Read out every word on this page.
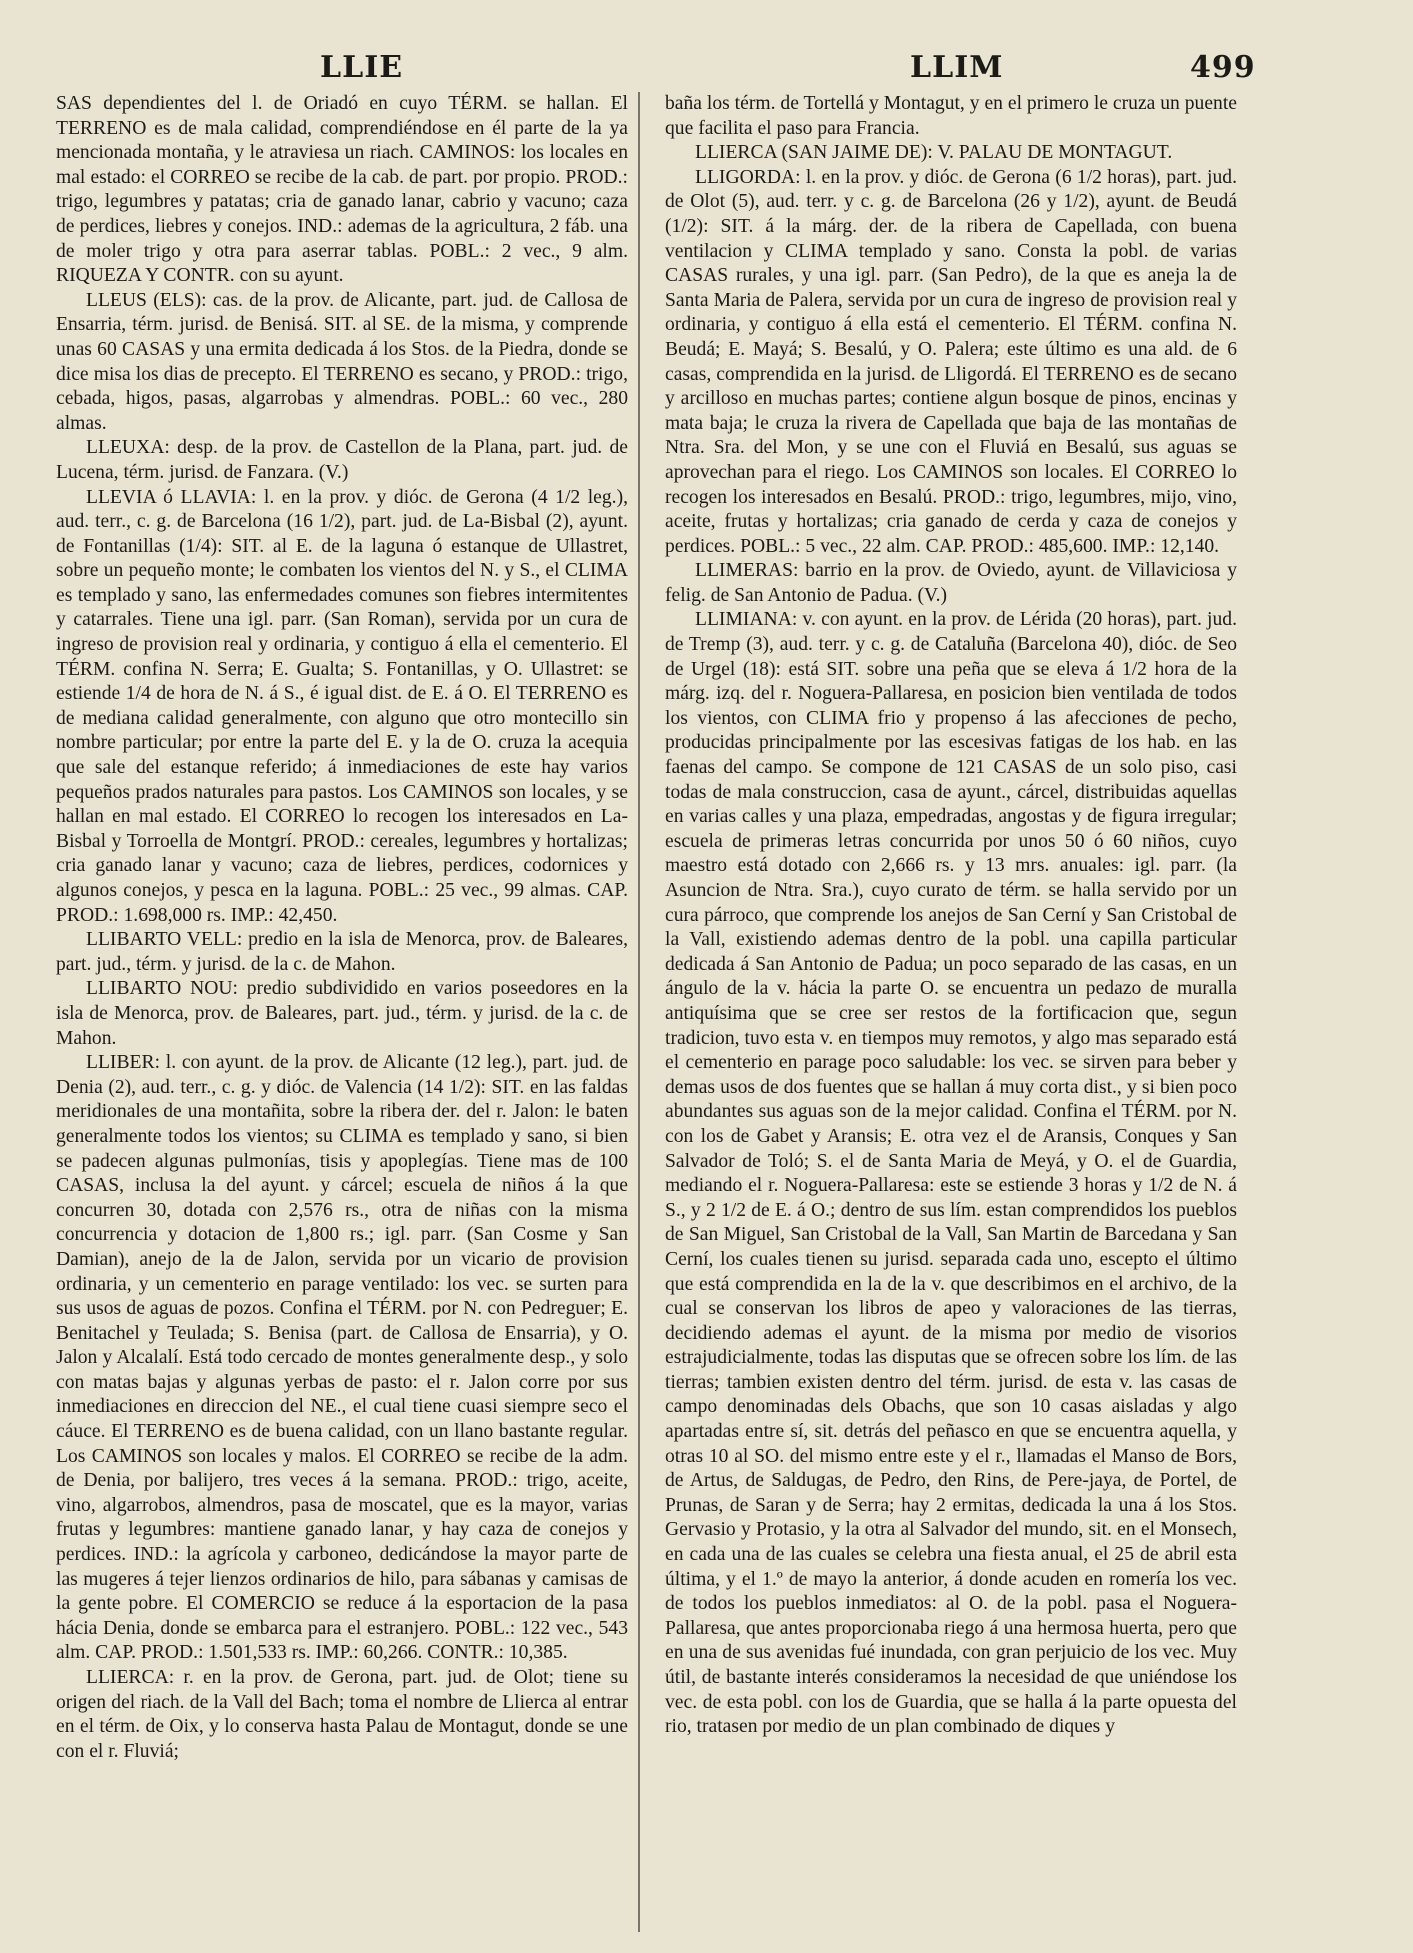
LLIE	LLIM	499

SAS dependientes del l. de Oriadó en cuyo TÉRM. se hallan. El TERRENO es de mala calidad, comprendiéndose en él parte de la ya mencionada montaña, y le atraviesa un riach. CAMINOS: los locales en mal estado: el CORREO se recibe de la cab. de part. por propio. PROD.: trigo, legumbres y patatas; cria de ganado lanar, cabrio y vacuno; caza de perdices, liebres y conejos. IND.: ademas de la agricultura, 2 fáb. una de moler trigo y otra para aserrar tablas. POBL.: 2 vec., 9 alm. RIQUEZA Y CONTR. con su ayunt.

LLEUS (ELS): cas. de la prov. de Alicante, part. jud. de Callosa de Ensarria, térm. jurisd. de Benisá. SIT. al SE. de la misma, y comprende unas 60 CASAS y una ermita dedicada á los Stos. de la Piedra, donde se dice misa los dias de precepto. El TERRENO es secano, y PROD.: trigo, cebada, higos, pasas, algarrobas y almendras. POBL.: 60 vec., 280 almas.

LLEUXA: desp. de la prov. de Castellon de la Plana, part. jud. de Lucena, térm. jurisd. de Fanzara. (V.)

LLEVIA ó LLAVIA: l. en la prov. y dióc. de Gerona (4 1/2 leg.), aud. terr., c. g. de Barcelona (16 1/2), part. jud. de La-Bisbal (2), ayunt. de Fontanillas (1/4): SIT. al E. de la laguna ó estanque de Ullastret, sobre un pequeño monte; le combaten los vientos del N. y S., el CLIMA es templado y sano, las enfermedades comunes son fiebres intermitentes y catarrales. Tiene una igl. parr. (San Roman), servida por un cura de ingreso de provision real y ordinaria, y contiguo á ella el cementerio. El TÉRM. confina N. Serra; E. Gualta; S. Fontanillas, y O. Ullastret: se estiende 1/4 de hora de N. á S., é igual dist. de E. á O. El TERRENO es de mediana calidad generalmente, con alguno que otro montecillo sin nombre particular; por entre la parte del E. y la de O. cruza la acequia que sale del estanque referido; á inmediaciones de este hay varios pequeños prados naturales para pastos. Los CAMINOS son locales, y se hallan en mal estado. El CORREO lo recogen los interesados en La-Bisbal y Torroella de Montgrí. PROD.: cereales, legumbres y hortalizas; cria ganado lanar y vacuno; caza de liebres, perdices, codornices y algunos conejos, y pesca en la laguna. POBL.: 25 vec., 99 almas. CAP. PROD.: 1.698,000 rs. IMP.: 42,450.

LLIBARTO VELL: predio en la isla de Menorca, prov. de Baleares, part. jud., térm. y jurisd. de la c. de Mahon.

LLIBARTO NOU: predio subdividido en varios poseedores en la isla de Menorca, prov. de Baleares, part. jud., térm. y jurisd. de la c. de Mahon.

LLIBER: l. con ayunt. de la prov. de Alicante (12 leg.), part. jud. de Denia (2), aud. terr., c. g. y dióc. de Valencia (14 1/2): SIT. en las faldas meridionales de una montañita, sobre la ribera der. del r. Jalon: le baten generalmente todos los vientos; su CLIMA es templado y sano, si bien se padecen algunas pulmonías, tisis y apoplegías. Tiene mas de 100 CASAS, inclusa la del ayunt. y cárcel; escuela de niños á la que concurren 30, dotada con 2,576 rs., otra de niñas con la misma concurrencia y dotacion de 1,800 rs.; igl. parr. (San Cosme y San Damian), anejo de la de Jalon, servida por un vicario de provision ordinaria, y un cementerio en parage ventilado: los vec. se surten para sus usos de aguas de pozos. Confina el TÉRM. por N. con Pedreguer; E. Benitachel y Teulada; S. Benisa (part. de Callosa de Ensarria), y O. Jalon y Alcalalí. Está todo cercado de montes generalmente desp., y solo con matas bajas y algunas yerbas de pasto: el r. Jalon corre por sus inmediaciones en direccion del NE., el cual tiene cuasi siempre seco el cáuce. El TERRENO es de buena calidad, con un llano bastante regular. Los CAMINOS son locales y malos. El CORREO se recibe de la adm. de Denia, por balijero, tres veces á la semana. PROD.: trigo, aceite, vino, algarrobos, almendros, pasa de moscatel, que es la mayor, varias frutas y legumbres: mantiene ganado lanar, y hay caza de conejos y perdices. IND.: la agrícola y carboneo, dedicándose la mayor parte de las mugeres á tejer lienzos ordinarios de hilo, para sábanas y camisas de la gente pobre. El COMERCIO se reduce á la esportacion de la pasa hácia Denia, donde se embarca para el estranjero. POBL.: 122 vec., 543 alm. CAP. PROD.: 1.501,533 rs. IMP.: 60,266. CONTR.: 10,385.

LLIERCA: r. en la prov. de Gerona, part. jud. de Olot; tiene su origen del riach. de la Vall del Bach; toma el nombre de Llierca al entrar en el térm. de Oix, y lo conserva hasta Palau de Montagut, donde se une con el r. Fluviá;

baña los térm. de Tortellá y Montagut, y en el primero le cruza un puente que facilita el paso para Francia.

LLIERCA (SAN JAIME DE): V. PALAU DE MONTAGUT.

LLIGORDA: l. en la prov. y dióc. de Gerona (6 1/2 horas), part. jud. de Olot (5), aud. terr. y c. g. de Barcelona (26 y 1/2), ayunt. de Beudá (1/2): SIT. á la márg. der. de la ribera de Capellada, con buena ventilacion y CLIMA templado y sano. Consta la pobl. de varias CASAS rurales, y una igl. parr. (San Pedro), de la que es aneja la de Santa Maria de Palera, servida por un cura de ingreso de provision real y ordinaria, y contiguo á ella está el cementerio. El TÉRM. confina N. Beudá; E. Mayá; S. Besalú, y O. Palera; este último es una ald. de 6 casas, comprendida en la jurisd. de Lligordá. El TERRENO es de secano y arcilloso en muchas partes; contiene algun bosque de pinos, encinas y mata baja; le cruza la rivera de Capellada que baja de las montañas de Ntra. Sra. del Mon, y se une con el Fluviá en Besalú, sus aguas se aprovechan para el riego. Los CAMINOS son locales. El CORREO lo recogen los interesados en Besalú. PROD.: trigo, legumbres, mijo, vino, aceite, frutas y hortalizas; cria ganado de cerda y caza de conejos y perdices. POBL.: 5 vec., 22 alm. CAP. PROD.: 485,600. IMP.: 12,140.

LLIMERAS: barrio en la prov. de Oviedo, ayunt. de Villaviciosa y felig. de San Antonio de Padua. (V.)

LLIMIANA: v. con ayunt. en la prov. de Lérida (20 horas), part. jud. de Tremp (3), aud. terr. y c. g. de Cataluña (Barcelona 40), dióc. de Seo de Urgel (18): está SIT. sobre una peña que se eleva á 1/2 hora de la márg. izq. del r. Noguera-Pallaresa, en posicion bien ventilada de todos los vientos, con CLIMA frio y propenso á las afecciones de pecho, producidas principalmente por las escesivas fatigas de los hab. en las faenas del campo. Se compone de 121 CASAS de un solo piso, casi todas de mala construccion, casa de ayunt., cárcel, distribuidas aquellas en varias calles y una plaza, empedradas, angostas y de figura irregular; escuela de primeras letras concurrida por unos 50 ó 60 niños, cuyo maestro está dotado con 2,666 rs. y 13 mrs. anuales: igl. parr. (la Asuncion de Ntra. Sra.), cuyo curato de térm. se halla servido por un cura párroco, que comprende los anejos de San Cerní y San Cristobal de la Vall, existiendo ademas dentro de la pobl. una capilla particular dedicada á San Antonio de Padua; un poco separado de las casas, en un ángulo de la v. hácia la parte O. se encuentra un pedazo de muralla antiquísima que se cree ser restos de la fortificacion que, segun tradicion, tuvo esta v. en tiempos muy remotos, y algo mas separado está el cementerio en parage poco saludable: los vec. se sirven para beber y demas usos de dos fuentes que se hallan á muy corta dist., y si bien poco abundantes sus aguas son de la mejor calidad. Confina el TÉRM. por N. con los de Gabet y Aransis; E. otra vez el de Aransis, Conques y San Salvador de Toló; S. el de Santa Maria de Meyá, y O. el de Guardia, mediando el r. Noguera-Pallaresa: este se estiende 3 horas y 1/2 de N. á S., y 2 1/2 de E. á O.; dentro de sus lím. estan comprendidos los pueblos de San Miguel, San Cristobal de la Vall, San Martin de Barcedana y San Cerní, los cuales tienen su jurisd. separada cada uno, escepto el último que está comprendida en la de la v. que describimos en el archivo, de la cual se conservan los libros de apeo y valoraciones de las tierras, decidiendo ademas el ayunt. de la misma por medio de visorios estrajudicialmente, todas las disputas que se ofrecen sobre los lím. de las tierras; tambien existen dentro del térm. jurisd. de esta v. las casas de campo denominadas dels Obachs, que son 10 casas aisladas y algo apartadas entre sí, sit. detrás del peñasco en que se encuentra aquella, y otras 10 al SO. del mismo entre este y el r., llamadas el Manso de Bors, de Artus, de Saldugas, de Pedro, den Rins, de Pere-jaya, de Portel, de Prunas, de Saran y de Serra; hay 2 ermitas, dedicada la una á los Stos. Gervasio y Protasio, y la otra al Salvador del mundo, sit. en el Monsech, en cada una de las cuales se celebra una fiesta anual, el 25 de abril esta última, y el 1.º de mayo la anterior, á donde acuden en romería los vec. de todos los pueblos inmediatos: al O. de la pobl. pasa el Noguera-Pallaresa, que antes proporcionaba riego á una hermosa huerta, pero que en una de sus avenidas fué inundada, con gran perjuicio de los vec. Muy útil, de bastante interés consideramos la necesidad de que uniéndose los vec. de esta pobl. con los de Guardia, que se halla á la parte opuesta del rio, tratasen por medio de un plan combinado de diques y
